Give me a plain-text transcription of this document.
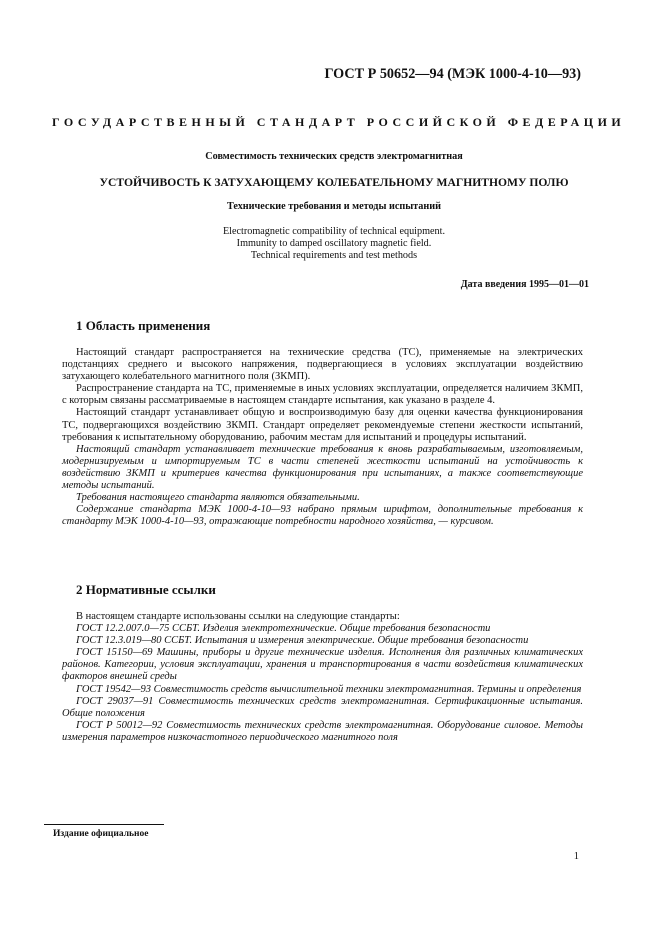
ГОСТ Р 50652—94 (МЭК 1000-4-10—93)
ГОСУДАРСТВЕННЫЙ СТАНДАРТ РОССИЙСКОЙ ФЕДЕРАЦИИ
Совместимость технических средств электромагнитная
УСТОЙЧИВОСТЬ К ЗАТУХАЮЩЕМУ КОЛЕБАТЕЛЬНОМУ МАГНИТНОМУ ПОЛЮ
Технические требования и методы испытаний
Electromagnetic compatibility of technical equipment.
Immunity to damped oscillatory magnetic field.
Technical requirements and test methods
Дата введения 1995—01—01
1 Область применения

Настоящий стандарт распространяется на технические средства (ТС), применяемые на электрических подстанциях среднего и высокого напряжения, подвергающиеся в условиях эксплуатации воздействию затухающего колебательного магнитного поля (ЗКМП).

Распространение стандарта на ТС, применяемые в иных условиях эксплуатации, определяется наличием ЗКМП, с которым связаны рассматриваемые в настоящем стандарте испытания, как указано в разделе 4.

Настоящий стандарт устанавливает общую и воспроизводимую базу для оценки качества функционирования ТС, подвергающихся воздействию ЗКМП. Стандарт определяет рекомендуемые степени жесткости испытаний, требования к испытательному оборудованию, рабочим местам для испытаний и процедуры испытаний.

Настоящий стандарт устанавливает технические требования к вновь разрабатываемым, изготовляемым, модернизируемым и импортируемым ТС в части степеней жесткости испытаний на устойчивость к воздействию ЗКМП и критериев качества функционирования при испытаниях, а также соответствующие методы испытаний.

Требования настоящего стандарта являются обязательными.

Содержание стандарта МЭК 1000-4-10—93 набрано прямым шрифтом, дополнительные требования к стандарту МЭК 1000-4-10—93, отражающие потребности народного хозяйства, — курсивом.

2 Нормативные ссылки

В настоящем стандарте использованы ссылки на следующие стандарты:

ГОСТ 12.2.007.0—75 ССБТ. Изделия электротехнические. Общие требования безопасности

ГОСТ 12.3.019—80 ССБТ. Испытания и измерения электрические. Общие требования безопасности

ГОСТ 15150—69 Машины, приборы и другие технические изделия. Исполнения для различных климатических районов. Категории, условия эксплуатации, хранения и транспортирования в части воздействия климатических факторов внешней среды

ГОСТ 19542—93 Совместимость средств вычислительной техники электромагнитная. Термины и определения

ГОСТ 29037—91 Совместимость технических средств электромагнитная. Сертификационные испытания. Общие положения

ГОСТ Р 50012—92 Совместимость технических средств электромагнитная. Оборудование силовое. Методы измерения параметров низкочастотного периодического магнитного поля

Издание официальное
1
